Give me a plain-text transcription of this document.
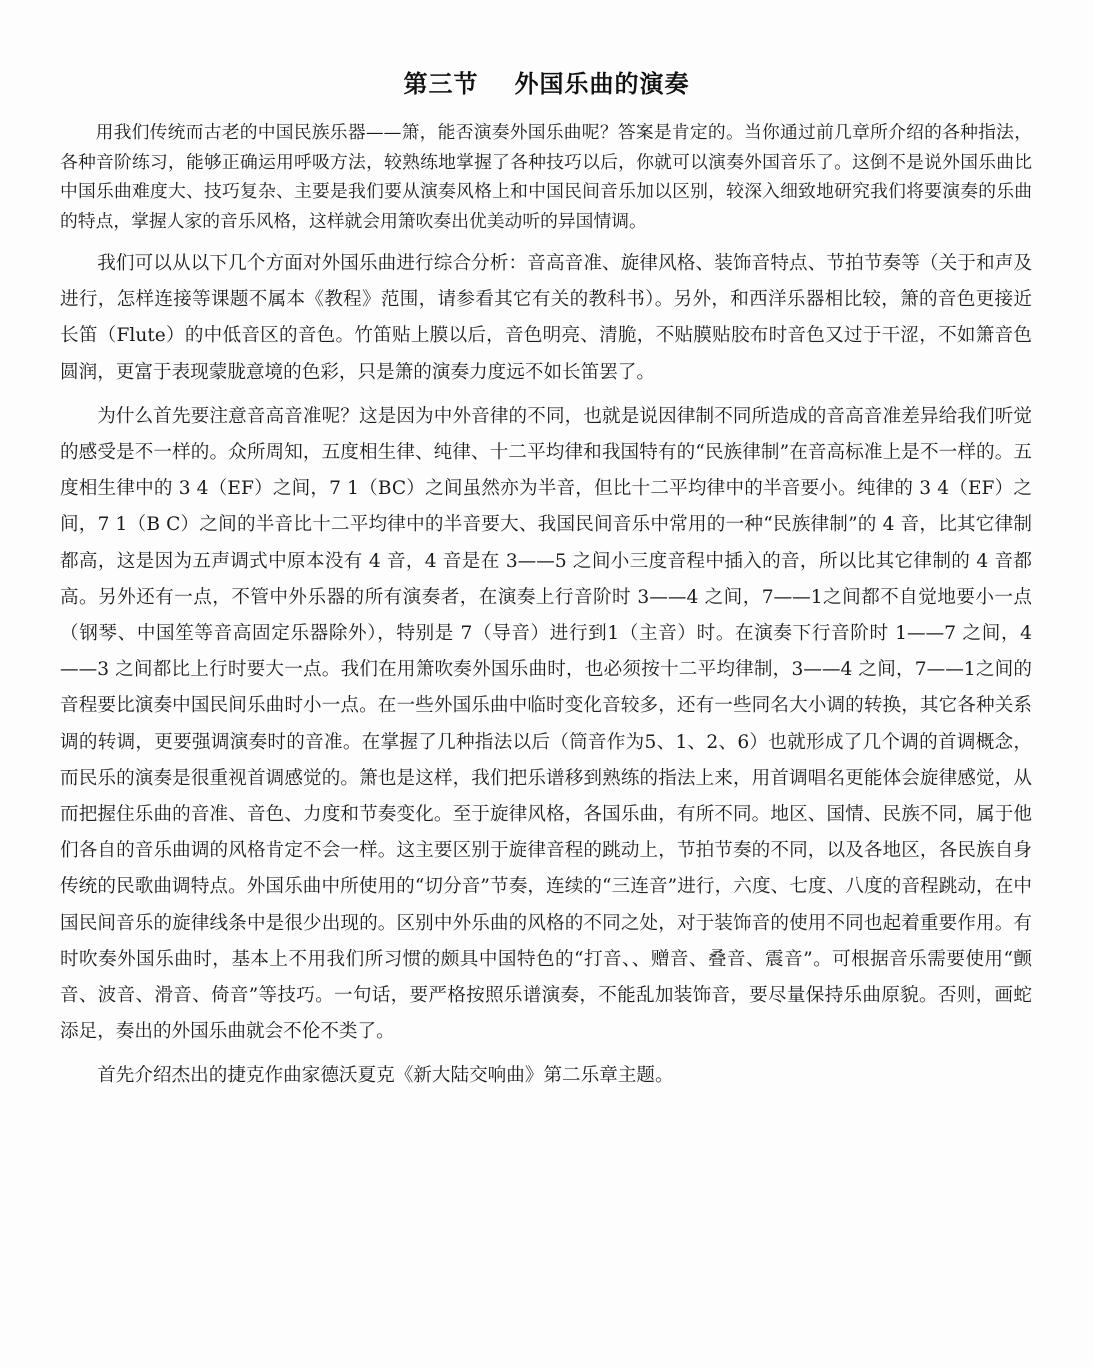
第三节 外国乐曲的演奏

用我们传统而古老的中国民族乐器——箫，能否演奏外国乐曲呢？答案是肯定的。当你通过前几章所介绍的各种指法，各种音阶练习，能够正确运用呼吸方法，较熟练地掌握了各种技巧以后，你就可以演奏外国音乐了。这倒不是说外国乐曲比中国乐曲难度大、技巧复杂、主要是我们要从演奏风格上和中国民间音乐加以区别，较深入细致地研究我们将要演奏的乐曲的特点，掌握人家的音乐风格，这样就会用箫吹奏出优美动听的异国情调。

我们可以从以下几个方面对外国乐曲进行综合分析：音高音准、旋律风格、装饰音特点、节拍节奏等（关于和声及进行，怎样连接等课题不属本《教程》范围，请参看其它有关的教科书）。另外，和西洋乐器相比较，箫的音色更接近长笛（Flute）的中低音区的音色。竹笛贴上膜以后，音色明亮、清脆，不贴膜贴胶布时音色又过于干涩，不如箫音色圆润，更富于表现蒙胧意境的色彩，只是箫的演奏力度远不如长笛罢了。

为什么首先要注意音高音准呢？这是因为中外音律的不同，也就是说因律制不同所造成的音高音准差异给我们听觉的感受是不一样的。众所周知，五度相生律、纯律、十二平均律和我国特有的“民族律制”在音高标准上是不一样的。五度相生律中的 3 4（EF）之间，7 1（BC）之间虽然亦为半音，但比十二平均律中的半音要小。纯律的 3 4（EF）之间，7 1（B C）之间的半音比十二平均律中的半音要大、我国民间音乐中常用的一种“民族律制”的 4 音，比其它律制都高，这是因为五声调式中原本没有 4 音，4 音是在 3——5 之间小三度音程中插入的音，所以比其它律制的 4 音都高。另外还有一点，不管中外乐器的所有演奏者，在演奏上行音阶时 3——4 之间，7——1之间都不自觉地要小一点（钢琴、中国笙等音高固定乐器除外），特别是 7（导音）进行到1（主音）时。在演奏下行音阶时 1——7 之间，4——3 之间都比上行时要大一点。我们在用箫吹奏外国乐曲时，也必须按十二平均律制，3——4 之间，7——1之间的音程要比演奏中国民间乐曲时小一点。在一些外国乐曲中临时变化音较多，还有一些同名大小调的转换，其它各种关系调的转调，更要强调演奏时的音准。在掌握了几种指法以后（筒音作为5、1、2、6）也就形成了几个调的首调概念，而民乐的演奏是很重视首调感觉的。箫也是这样，我们把乐谱移到熟练的指法上来，用首调唱名更能体会旋律感觉，从而把握住乐曲的音准、音色、力度和节奏变化。至于旋律风格，各国乐曲，有所不同。地区、国情、民族不同，属于他们各自的音乐曲调的风格肯定不会一样。这主要区别于旋律音程的跳动上，节拍节奏的不同，以及各地区，各民族自身传统的民歌曲调特点。外国乐曲中所使用的“切分音”节奏，连续的“三连音”进行，六度、七度、八度的音程跳动，在中国民间音乐的旋律线条中是很少出现的。区别中外乐曲的风格的不同之处，对于装饰音的使用不同也起着重要作用。有时吹奏外国乐曲时，基本上不用我们所习惯的颇具中国特色的“打音、、赠音、叠音、震音”。可根据音乐需要使用“颤音、波音、滑音、倚音”等技巧。一句话，要严格按照乐谱演奏，不能乱加装饰音，要尽量保持乐曲原貌。否则，画蛇添足，奏出的外国乐曲就会不伦不类了。

首先介绍杰出的捷克作曲家德沃夏克《新大陆交响曲》第二乐章主题。
